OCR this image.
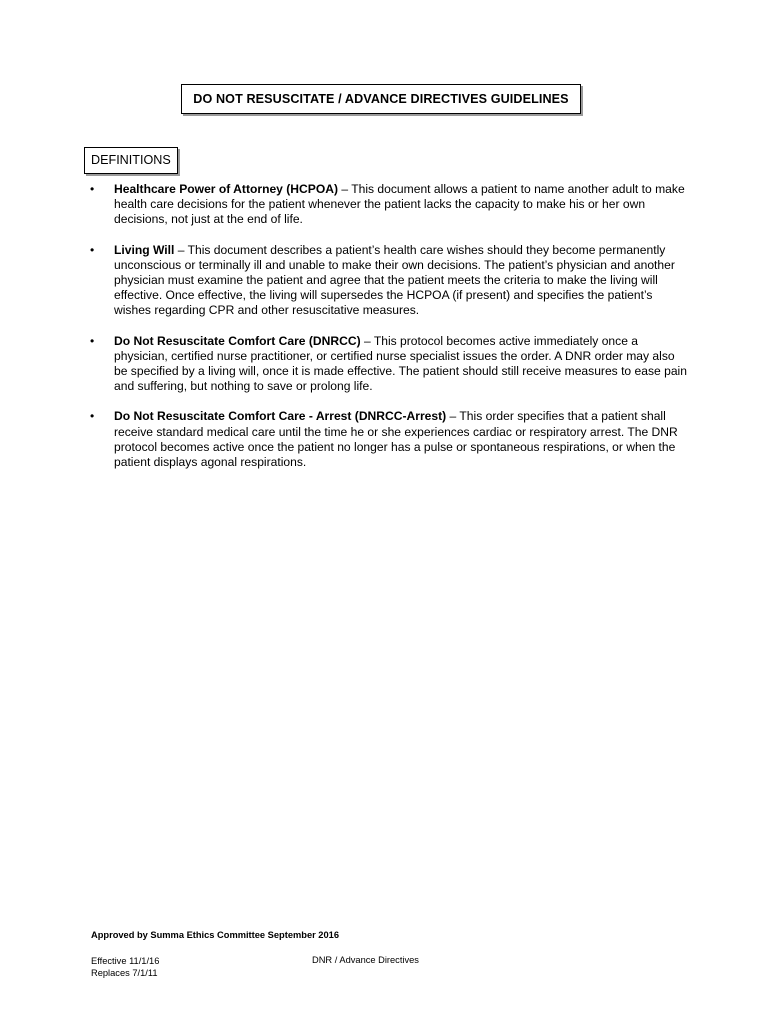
DO NOT RESUSCITATE / ADVANCE DIRECTIVES GUIDELINES
DEFINITIONS
• Healthcare Power of Attorney (HCPOA) – This document allows a patient to name another adult to make health care decisions for the patient whenever the patient lacks the capacity to make his or her own decisions, not just at the end of life.
• Living Will – This document describes a patient’s health care wishes should they become permanently unconscious or terminally ill and unable to make their own decisions. The patient’s physician and another physician must examine the patient and agree that the patient meets the criteria to make the living will effective. Once effective, the living will supersedes the HCPOA (if present) and specifies the patient’s wishes regarding CPR and other resuscitative measures.
• Do Not Resuscitate Comfort Care (DNRCC) – This protocol becomes active immediately once a physician, certified nurse practitioner, or certified nurse specialist issues the order. A DNR order may also be specified by a living will, once it is made effective. The patient should still receive measures to ease pain and suffering, but nothing to save or prolong life.
• Do Not Resuscitate Comfort Care - Arrest (DNRCC-Arrest) – This order specifies that a patient shall receive standard medical care until the time he or she experiences cardiac or respiratory arrest. The DNR protocol becomes active once the patient no longer has a pulse or spontaneous respirations, or when the patient displays agonal respirations.
Approved by Summa Ethics Committee September 2016
Effective 11/1/16
Replaces 7/1/11
DNR / Advance Directives
